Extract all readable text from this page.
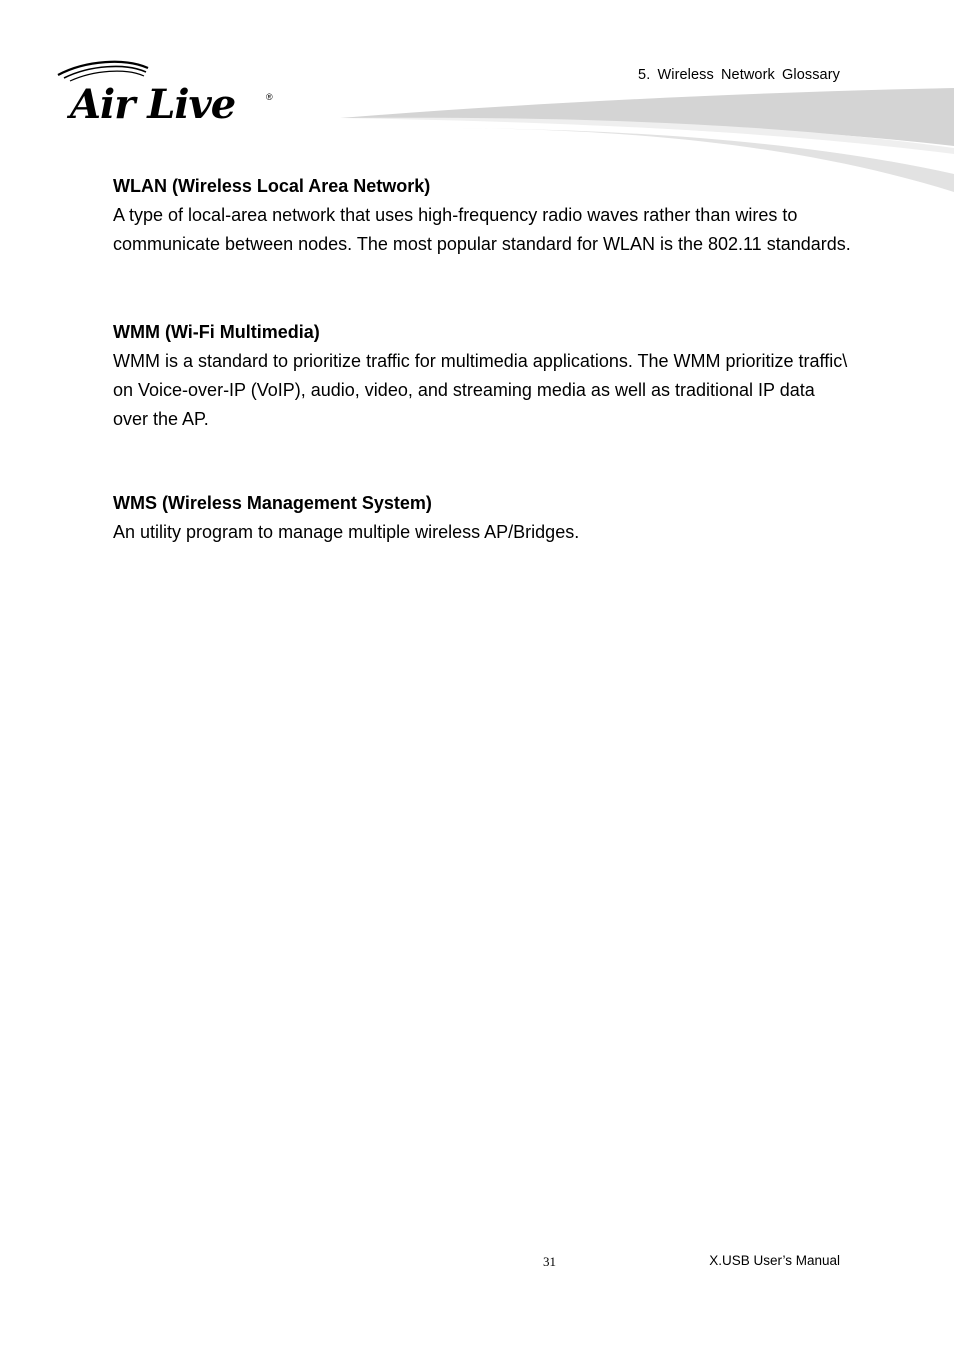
Air Live	®
5. Wireless Network Glossary

WLAN (Wireless Local Area Network)

A type of local-area network that uses high-frequency radio waves rather than wires to communicate between nodes. The most popular standard for WLAN is the 802.11 standards.

WMM (Wi-Fi Multimedia)

WMM is a standard to prioritize traffic for multimedia applications. The WMM prioritize traffic\ on Voice-over-IP (VoIP), audio, video, and streaming media as well as traditional IP data over the AP.

WMS (Wireless Management System)

An utility program to manage multiple wireless AP/Bridges.

31	X.USB User’s Manual
